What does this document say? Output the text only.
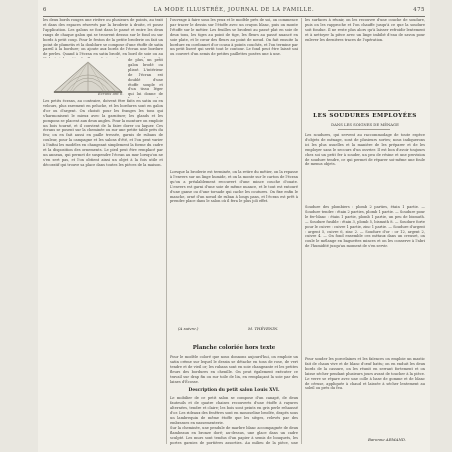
6	LA MODE ILLUSTRÉE, JOURNAL DE LA FAMILLE.	475
les deux bords rouges une rivière ou plusieurs de points, au trait et dans des espaces réservés par la broderie à droite, et posez l'application. Les galons se font dans le passé et entre les deux rangs de chaque galon qui se trouvent dessus sur le fond ou sur bords à petit coup. Pour le feston de la petite broderie on fait un point de plumetis et la doublure se compose d'une étoffe de satin pareil à la bordure; on ajoute aux bords de l'écran une bordure de perles. Quand à l'écran en satin brodé, en bord de soie ou au
Ecrans ant 6.
de plus, un petit galon brodé ou plissé. L'intérieur de l'écran est doublé d'une étoffe souple et d'un tissu léger qui lui donne de
Les petits écrans, au contraire, doivent être faits en satin ou en velours, plus rarement en peluche, et les bordures sont en galon d'or ou d'argent. On choisit pour les franges les tons qui s'harmonisent le mieux avec la garniture; les glands et les pompons se placent aux deux angles. Pour la monture on emploie un bois tourné, et il convient de la faire dorer ou laquer. Ces écrans se posent sur la cheminée ou sur une petite table près du feu; on en fait aussi en paille tressée, garnis de rubans de couleur, pour la campagne et les salons d'été, et l'on peut varier à l'infini les modèles en changeant simplement la forme du cadre et la disposition des ornements. Le pied peut être remplacé par un anneau, qui permet de suspendre l'écran au mur lorsqu'on ne s'en sert pas, et l'on obtient ainsi un objet à la fois utile et décoratif qui trouve sa place dans toutes les pièces de la maison.
l'ouvrage à faire sous les yeux et le modèle près de soi, on commence par tracer le dessin sur l'étoffe avec un crayon blanc, puis on monte l'étoffe sur le métier. Les feuilles se brodent au passé plat en soie de deux tons, les tiges au point de tige, les fleurs au passé nuancé en soie plate, et le cœur des fleurs au point de nœud. On fait ensuite la bordure en cordonnet d'or cousu à points couchés, et l'on termine par un petit liseré qui sertit tout le contour. Le fond peut être laissé uni ou couvert d'un semis de petites paillettes posées une à une.
Lorsque la broderie est terminée, on la retire du métier, on la repasse à l'envers sur un linge humide, et on la monte sur le carton de l'écran qu'on a préalablement recouvert d'une mince couche d'ouate. L'envers est garni d'une soie de même nuance, et le tout est entouré d'une ganse ou d'une torsade qui cache les coutures. On fixe enfin le manche, orné d'un nœud de ruban à longs pans, et l'écran est prêt à prendre place dans le salon où il fera le plus joli effet.
(A suivre.)	M. THÉVENIN.
Planche coloriée hors texte
Pour le modèle coloré que nous donnons aujourd'hui, on emploie un satin crème sur lequel le dessin se détache en tons de rose, de vert tendre et de vieil or; les rubans sont en soie changeante et les petites fleurs des bordures en chenille. On peut également exécuter ce travail sur drap fin ou sur toile de lin, en remplaçant la soie par des laines d'Écosse.
Description du petit salon Louis XVI.
Le mobilier de ce petit salon se compose d'un canapé, de deux fauteuils et de quatre chaises recouverts d'une étoffe à rayures alternées, tendre et claire; les bois sont peints en gris perle rehaussé d'or. Les rideaux des fenêtres sont en mousseline brodée, drapés sous un lambrequin de même étoffe que les sièges, relevés par des embrasses en passementerie.
Sur la cheminée, une pendule de marbre blanc accompagnée de deux flambeaux en bronze doré; au-dessus, une glace dans un cadre sculpté. Les murs sont tendus d'un papier à semis de bouquets, les portes garnies de portières assorties. Au milieu de la pièce, une
les surfaces à réunir, on les recouvre d'une couche de soudure, puis on les rapproche et l'on chauffe jusqu'à ce que la soudure soit fondue. Il ne reste plus alors qu'à laisser refroidir lentement et à nettoyer la pièce avec un linge imbibé d'eau de savon pour enlever les dernières traces de l'opération.
LES SOUDURES EMPLOYÉES
DANS LES SOIGNES DE MÉNAGE
Les soudures, qui servent au raccommodage de toute espèce d'objets de ménage, sont de plusieurs sortes; nous indiquerons ici les plus usuelles et la manière de les préparer et de les employer sans le secours d'un ouvrier. Il est bon d'avoir toujours chez soi un petit fer à souder, un peu de résine et une provision de soudure tendre, ce qui permet de réparer soi-même une foule de menus objets.
Soudure des plombiers : plomb 2 parties, étain 1 partie. — Soudure tendre : étain 2 parties, plomb 1 partie. — Soudure pour le fer-blanc : étain 1 partie, plomb 1 partie, un peu de bismuth. — Soudure fusible : étain 3, plomb 5, bismuth 8. — Soudure forte pour le cuivre : cuivre 1 partie, zinc 1 partie. — Soudure d'argent : argent 5, cuivre 6, zinc 2. — Soudure d'or : or 12, argent 2, cuivre 4. — On fond ensemble ces métaux dans un creuset, on coule le mélange en baguettes minces et on les conserve à l'abri de l'humidité jusqu'au moment de s'en servir.
Pour souder les porcelaines et les faïences on emploie un mastic fait de chaux vive et de blanc d'œuf battu; on en enduit les deux bords de la cassure, on les réunit en serrant fortement et on laisse sécher pendant plusieurs jours avant de toucher à la pièce. Le verre se répare avec une colle à base de gomme et de blanc de céruse, appliquée à chaud et laissée à sécher lentement au soleil ou près du feu.
Baronne ARMAND.
